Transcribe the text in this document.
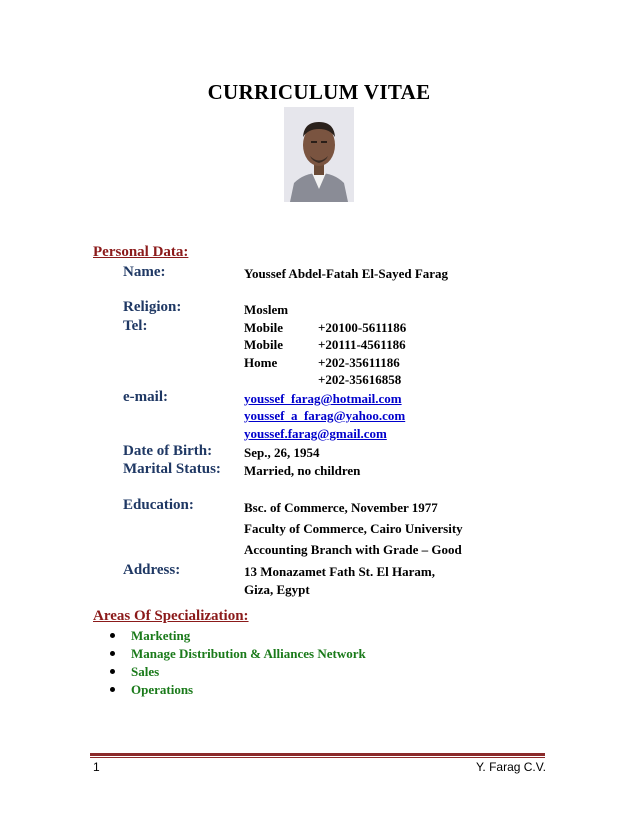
CURRICULUM VITAE
Personal Data:
Name:	Youssef Abdel-Fatah El-Sayed Farag
Religion:	Moslem
Tel:	Mobile	+20100-5611186
Mobile	+20111-4561186
Home	+202-35611186
+202-35616858
e-mail:	youssef_farag@hotmail.com
youssef_a_farag@yahoo.com
youssef.farag@gmail.com
Date of Birth: Sep., 26, 1954
Marital Status: Married, no children
Education:	Bsc. of Commerce, November 1977
Faculty of Commerce, Cairo University
Accounting Branch with Grade – Good
Address:	13 Monazamet Fath St. El Haram,
Giza, Egypt
Areas Of Specialization:
Marketing
Manage Distribution & Alliances Network
Sales
Operations
1	Y. Farag C.V.
